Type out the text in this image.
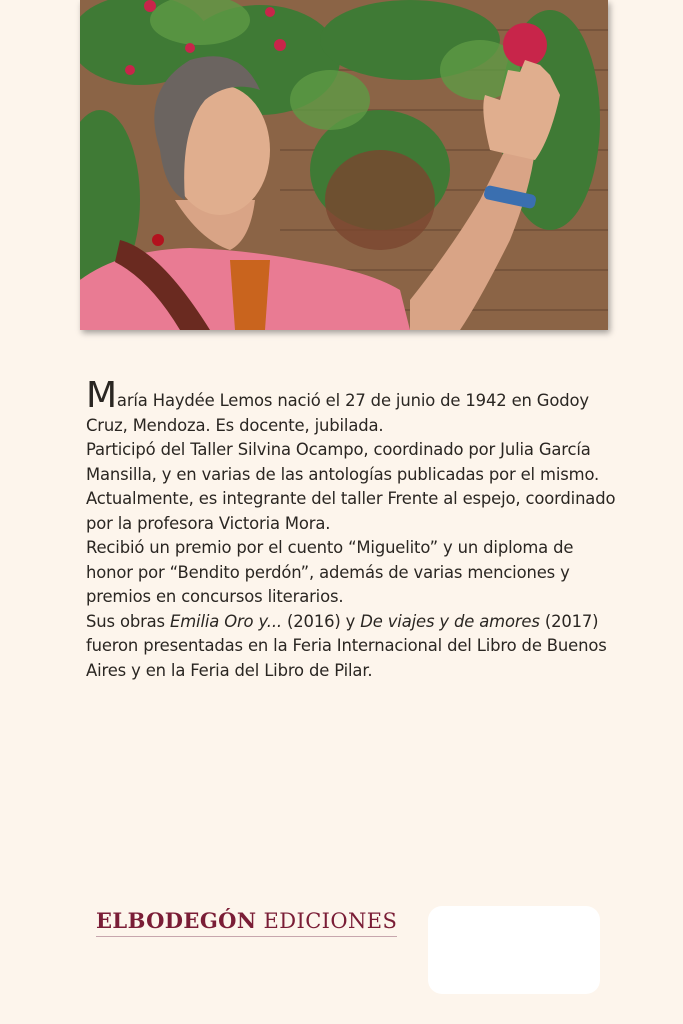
María Haydée Lemos nació el 27 de junio de 1942 en Godoy Cruz, Mendoza. Es docente, jubilada.

Participó del Taller Silvina Ocampo, coordinado por Julia García Mansilla, y en varias de las antologías publicadas por el mismo. Actualmente, es integrante del taller Frente al espejo, coordinado por la profesora Victoria Mora.

Recibió un premio por el cuento “Miguelito” y un diploma de honor por “Bendito perdón”, además de varias menciones y premios en concursos literarios.

Sus obras Emilia Oro y... (2016) y De viajes y de amores (2017) fueron presentadas en la Feria Internacional del Libro de Buenos Aires y en la Feria del Libro de Pilar.

ELBODEGÓN EDICIONES
